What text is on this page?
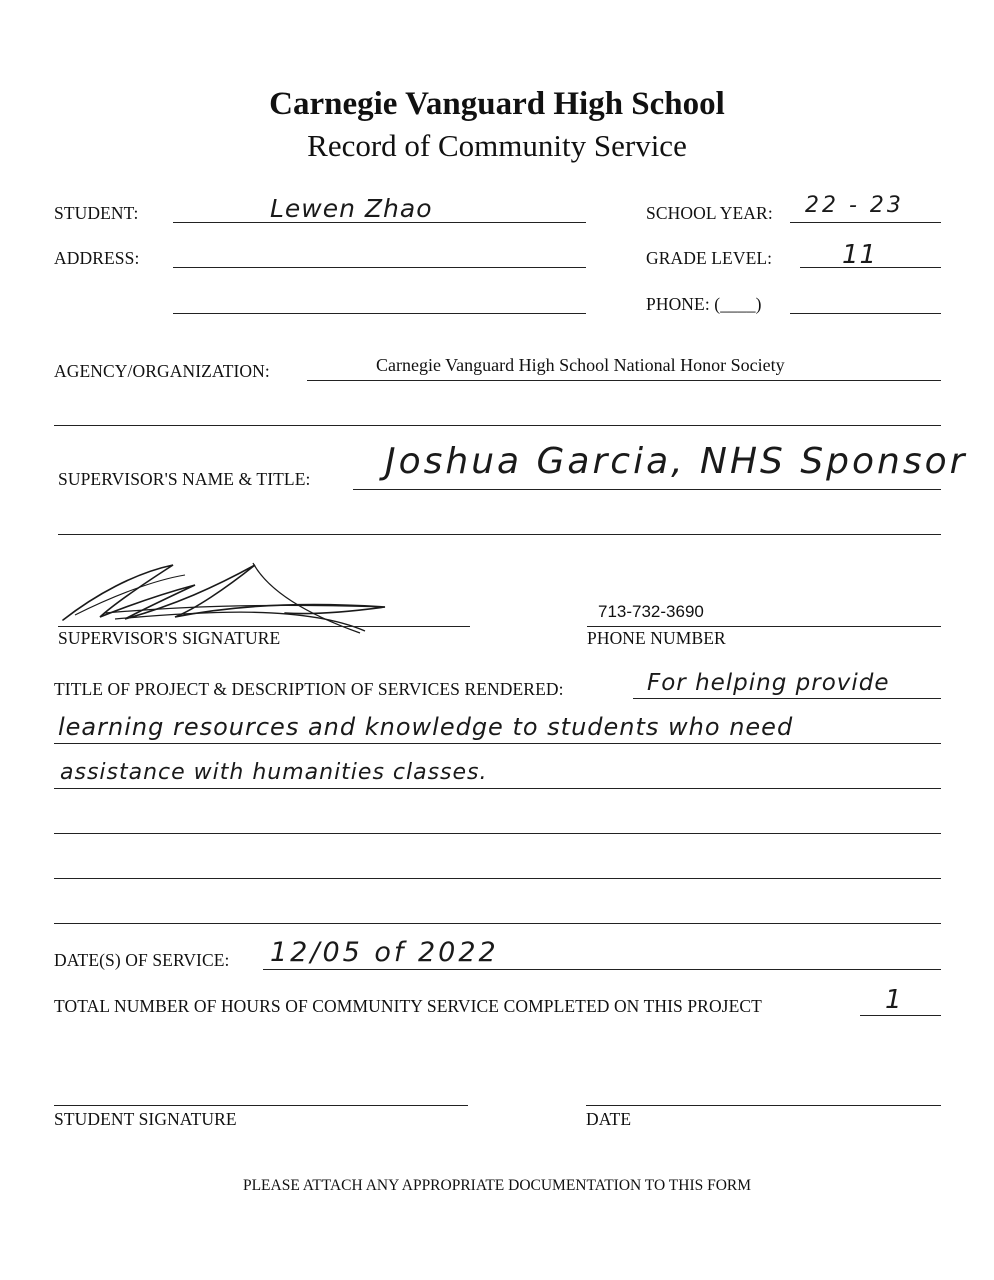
Carnegie Vanguard High School
Record of Community Service
STUDENT:	Lewen Zhao	SCHOOL YEAR: 22 - 23
ADDRESS:	GRADE LEVEL:	11
PHONE: (____)
AGENCY/ORGANIZATION:	Carnegie Vanguard High School National Honor Society
SUPERVISOR'S NAME & TITLE: Joshua Garcia, NHS Sponsor
SUPERVISOR'S SIGNATURE
713-732-3690
PHONE NUMBER
TITLE OF PROJECT & DESCRIPTION OF SERVICES RENDERED:	For helping provide
learning resources and knowledge to students who need
assistance with humanities classes.
DATE(S) OF SERVICE: 12/05 of 2022
TOTAL NUMBER OF HOURS OF COMMUNITY SERVICE COMPLETED ON THIS PROJECT	1
STUDENT SIGNATURE	DATE
PLEASE ATTACH ANY APPROPRIATE DOCUMENTATION TO THIS FORM
